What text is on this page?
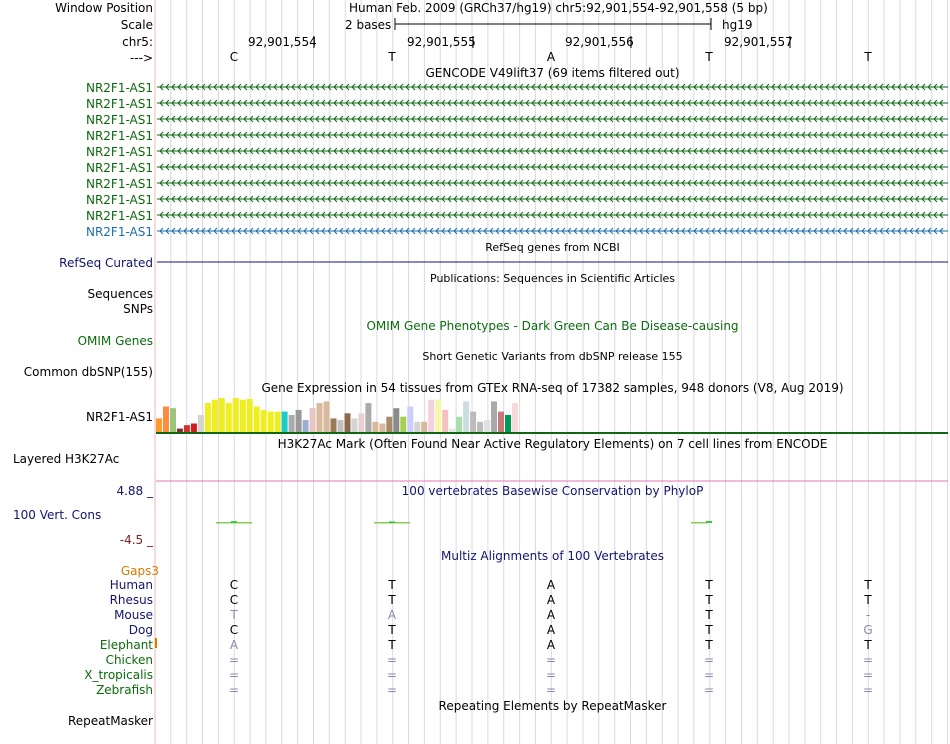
Window Position
Scale
chr5:
--->
Human Feb. 2009 (GRCh37/hg19) chr5:92,901,554-92,901,558 (5 bp)
2 bases	hg19
92,901,554	92,901,555	92,901,556	92,901,557
C	T	A	T	T
GENCODE V49lift37 (69 items filtered out)
NR2F1-AS1
NR2F1-AS1
NR2F1-AS1
NR2F1-AS1
NR2F1-AS1
NR2F1-AS1
NR2F1-AS1
NR2F1-AS1
NR2F1-AS1
NR2F1-AS1
RefSeq genes from NCBI
RefSeq Curated
Publications: Sequences in Scientific Articles
Sequences
SNPs
OMIM Gene Phenotypes - Dark Green Can Be Disease-causing
OMIM Genes
Short Genetic Variants from dbSNP release 155
Common dbSNP(155)
Gene Expression in 54 tissues from GTEx RNA-seq of 17382 samples, 948 donors (V8, Aug 2019)
NR2F1-AS1
H3K27Ac Mark (Often Found Near Active Regulatory Elements) on 7 cell lines from ENCODE
Layered H3K27Ac
4.88 _	100 vertebrates Basewise Conservation by PhyloP
100 Vert. Cons
-4.5 _
Multiz Alignments of 100 Vertebrates
Gaps3
Human	C	T	A	T	T
Rhesus	C	T	A	T	T
Mouse	T	A	A	T	-
Dog	C	T	A	T	G
Elephant	A	T	A	T	T
Chicken	=	=	=	=	=
X_tropicalis	=	=	=	=	=
Zebrafish	=	=	=	=	=
Repeating Elements by RepeatMasker
RepeatMasker
